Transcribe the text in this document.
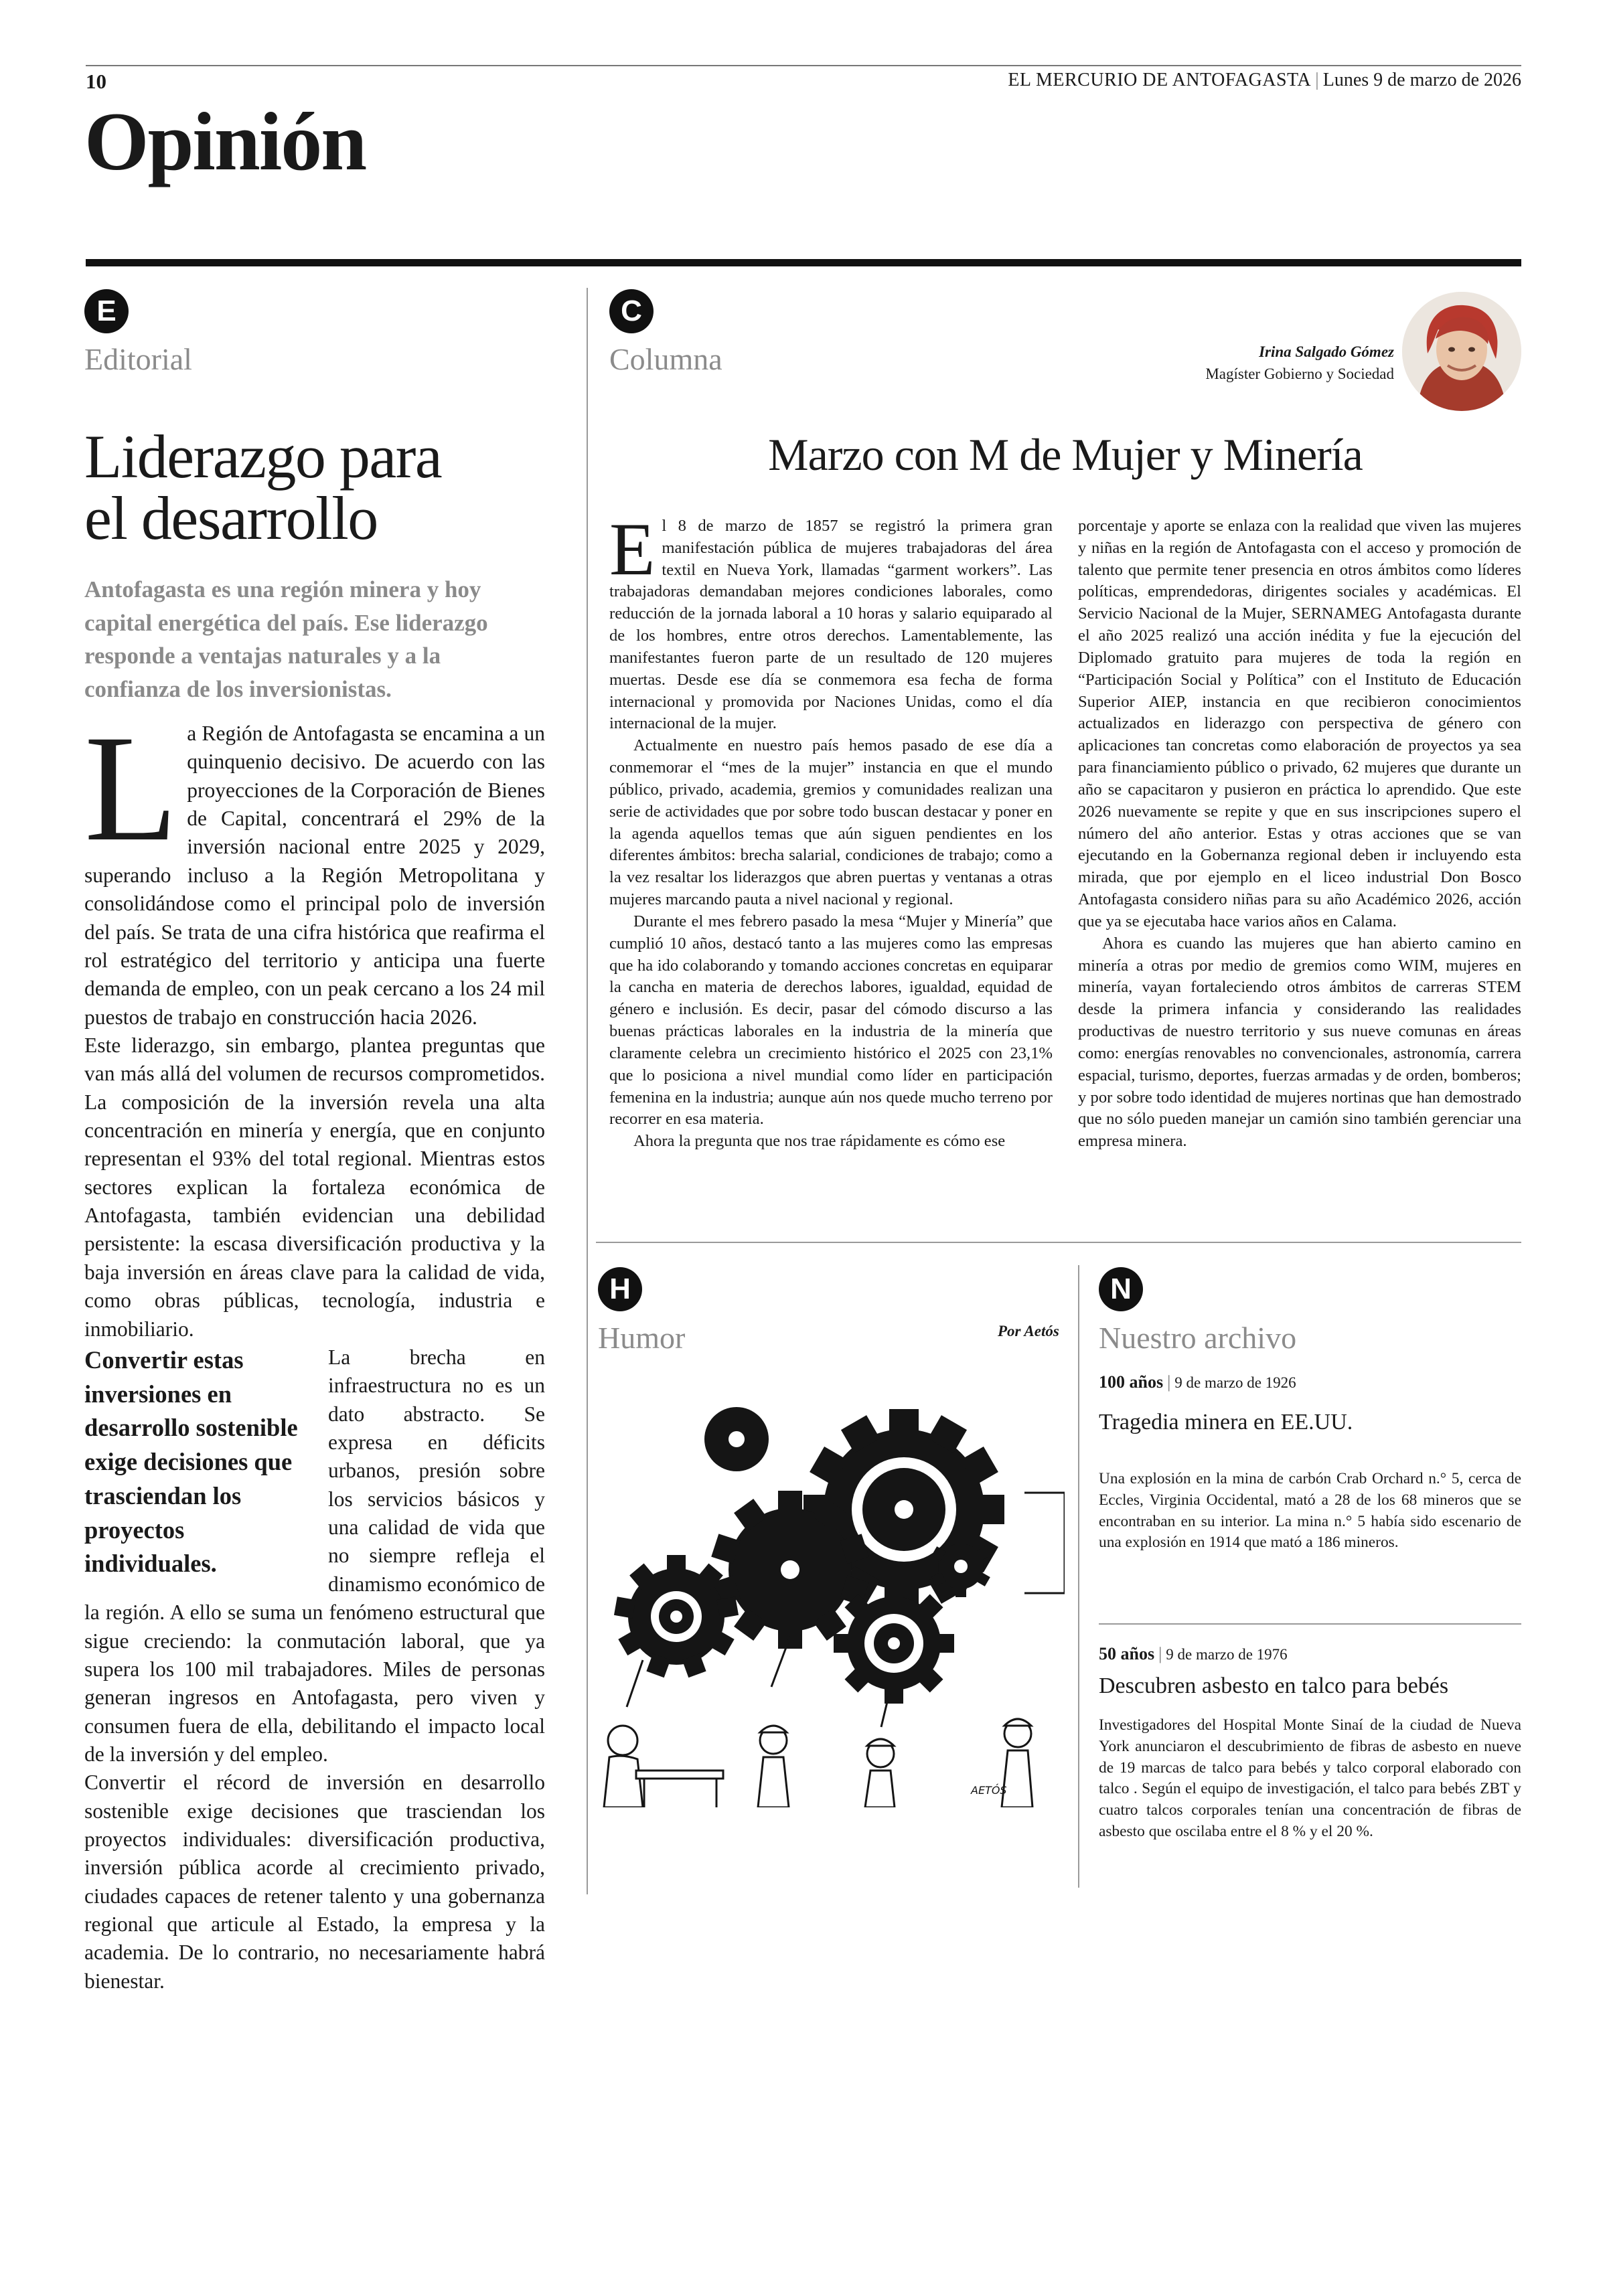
10	EL MERCURIO DE ANTOFAGASTA | Lunes 9 de marzo de 2026
Opinión
E
Editorial
Liderazgo para
el desarrollo
Antofagasta es una región minera y hoy capital energética del país. Ese liderazgo responde a ventajas naturales y a la confianza de los inversionistas.

La Región de Antofagasta se encamina a un quinquenio decisivo. De acuerdo con las proyecciones de la Corporación de Bienes de Capital, concentrará el 29% de la inversión nacional entre 2025 y 2029, superando incluso a la Región Metropolitana y consolidándose como el principal polo de inversión del país. Se trata de una cifra histórica que reafirma el rol estratégico del territorio y anticipa una fuerte demanda de empleo, con un peak cercano a los 24 mil puestos de trabajo en construcción hacia 2026.

Este liderazgo, sin embargo, plantea preguntas que van más allá del volumen de recursos comprometidos. La composición de la inversión revela una alta concentración en minería y energía, que en conjunto representan el 93% del total regional. Mientras estos sectores explican la fortaleza económica de Antofagasta, también evidencian una debilidad persistente: la escasa diversificación productiva y la baja inversión en áreas clave para la calidad de vida, como obras públicas, tecnología, industria e inmobiliario.

Convertir estas inversiones en desarrollo sostenible exige decisiones que trasciendan los proyectos individuales.

La brecha en infraestructura no es un dato abstracto. Se expresa en déficits urbanos, presión sobre los servicios básicos y una calidad de vida que no siempre refleja el dinamismo económico de la región. A ello se suma un fenómeno estructural que sigue creciendo: la conmutación laboral, que ya supera los 100 mil trabajadores. Miles de personas generan ingresos en Antofagasta, pero viven y consumen fuera de ella, debilitando el impacto local de la inversión y del empleo.

Convertir el récord de inversión en desarrollo sostenible exige decisiones que trasciendan los proyectos individuales: diversificación productiva, inversión pública acorde al crecimiento privado, ciudades capaces de retener talento y una gobernanza regional que articule al Estado, la empresa y la academia. De lo contrario, no necesariamente habrá bienestar.

C
Columna	Irina Salgado Gómez
Magíster Gobierno y Sociedad
Marzo con M de Mujer y Minería

El 8 de marzo de 1857 se registró la primera gran manifestación pública de mujeres trabajadoras del área textil en Nueva York, llamadas “garment workers”. Las trabajadoras demandaban mejores condiciones laborales, como reducción de la jornada laboral a 10 horas y salario equiparado al de los hombres, entre otros derechos. Lamentablemente, las manifestantes fueron parte de un resultado de 120 mujeres muertas. Desde ese día se conmemora esa fecha de forma internacional y promovida por Naciones Unidas, como el día internacional de la mujer.

Actualmente en nuestro país hemos pasado de ese día a conmemorar el “mes de la mujer” instancia en que el mundo público, privado, academia, gremios y comunidades realizan una serie de actividades que por sobre todo buscan destacar y poner en la agenda aquellos temas que aún siguen pendientes en los diferentes ámbitos: brecha salarial, condiciones de trabajo; como a la vez resaltar los liderazgos que abren puertas y ventanas a otras mujeres marcando pauta a nivel nacional y regional.

Durante el mes febrero pasado la mesa “Mujer y Minería” que cumplió 10 años, destacó tanto a las mujeres como las empresas que ha ido colaborando y tomando acciones concretas en equiparar la cancha en materia de derechos labores, igualdad, equidad de género e inclusión. Es decir, pasar del cómodo discurso a las buenas prácticas laborales en la industria de la minería que claramente celebra un crecimiento histórico el 2025 con 23,1% que lo posiciona a nivel mundial como líder en participación femenina en la industria; aunque aún nos quede mucho terreno por recorrer en esa materia.

Ahora la pregunta que nos trae rápidamente es cómo ese

porcentaje y aporte se enlaza con la realidad que viven las mujeres y niñas en la región de Antofagasta con el acceso y promoción de talento que permite tener presencia en otros ámbitos como líderes políticas, emprendedoras, dirigentes sociales y académicas. El Servicio Nacional de la Mujer, SERNAMEG Antofagasta durante el año 2025 realizó una acción inédita y fue la ejecución del Diplomado gratuito para mujeres de toda la región en “Participación Social y Política” con el Instituto de Educación Superior AIEP, instancia en que recibieron conocimientos actualizados en liderazgo con perspectiva de género con aplicaciones tan concretas como elaboración de proyectos ya sea para financiamiento público o privado, 62 mujeres que durante un año se capacitaron y pusieron en práctica lo aprendido. Que este 2026 nuevamente se repite y que en sus inscripciones supero el número del año anterior. Estas y otras acciones que se van ejecutando en la Gobernanza regional deben ir incluyendo esta mirada, que por ejemplo en el liceo industrial Don Bosco Antofagasta considero niñas para su año Académico 2026, acción que ya se ejecutaba hace varios años en Calama.

Ahora es cuando las mujeres que han abierto camino en minería a otras por medio de gremios como WIM, mujeres en minería, vayan fortaleciendo otros ámbitos de carreras STEM desde la primera infancia y considerando las realidades productivas de nuestro territorio y sus nueve comunas en áreas como: energías renovables no convencionales, astronomía, carrera espacial, turismo, deportes, fuerzas armadas y de orden, bomberos; y por sobre todo identidad de mujeres nortinas que han demostrado que no sólo pueden manejar un camión sino también gerenciar una empresa minera.

H
Humor	Por Aetós
AETÓS
N
Nuestro archivo
100 años | 9 de marzo de 1926
Tragedia minera en EE.UU.
Una explosión en la mina de carbón Crab Orchard n.° 5, cerca de Eccles, Virginia Occidental, mató a 28 de los 68 mineros que se encontraban en su interior. La mina n.° 5 había sido escenario de una explosión en 1914 que mató a 186 mineros.
50 años | 9 de marzo de 1976
Descubren asbesto en talco para bebés
Investigadores del Hospital Monte Sinaí de la ciudad de Nueva York anunciaron el descubrimiento de fibras de asbesto en nueve de 19 marcas de talco para bebés y talco corporal elaborado con talco . Según el equipo de investigación, el talco para bebés ZBT y cuatro talcos corporales tenían una concentración de fibras de asbesto que oscilaba entre el 8 % y el 20 %.
